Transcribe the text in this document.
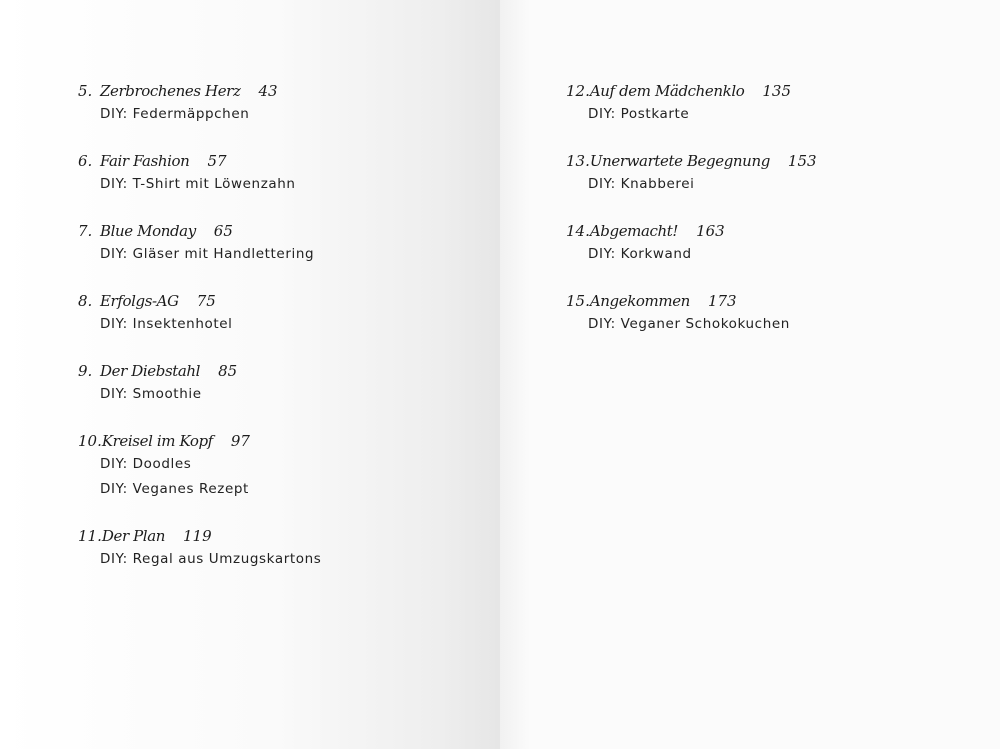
5. Zerbrochenes Herz 43
DIY: Federmäppchen
6. Fair Fashion 57
DIY: T-Shirt mit Löwenzahn
7. Blue Monday 65
DIY: Gläser mit Handlettering
8. Erfolgs-AG 75
DIY: Insektenhotel
9. Der Diebstahl 85
DIY: Smoothie
10.Kreisel im Kopf 97
DIY: Doodles
DIY: Veganes Rezept
11.Der Plan 119
DIY: Regal aus Umzugskartons
12.Auf dem Mädchenklo 135
DIY: Postkarte
13.Unerwartete Begegnung 153
DIY: Knabberei
14.Abgemacht! 163
DIY: Korkwand
15.Angekommen 173
DIY: Veganer Schokokuchen
